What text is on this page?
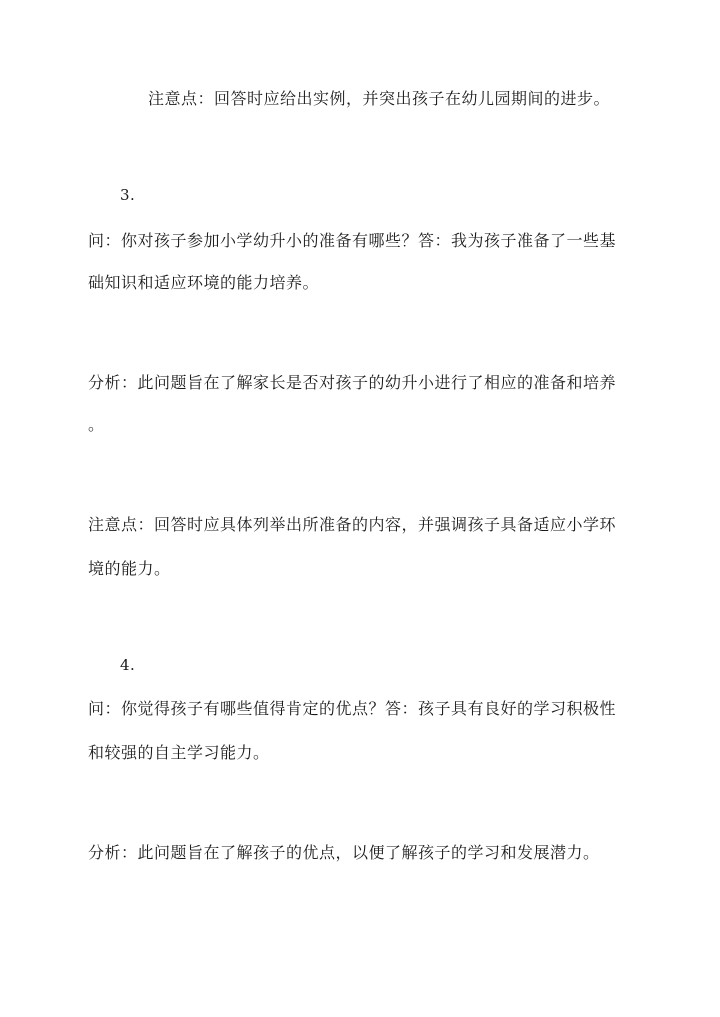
注意点：回答时应给出实例，并突出孩子在幼儿园期间的进步。
3.
问：你对孩子参加小学幼升小的准备有哪些？答：我为孩子准备了一些基
础知识和适应环境的能力培养。
分析：此问题旨在了解家长是否对孩子的幼升小进行了相应的准备和培养
。
注意点：回答时应具体列举出所准备的内容，并强调孩子具备适应小学环
境的能力。
4.
问：你觉得孩子有哪些值得肯定的优点？答：孩子具有良好的学习积极性
和较强的自主学习能力。
分析：此问题旨在了解孩子的优点，以便了解孩子的学习和发展潜力。
